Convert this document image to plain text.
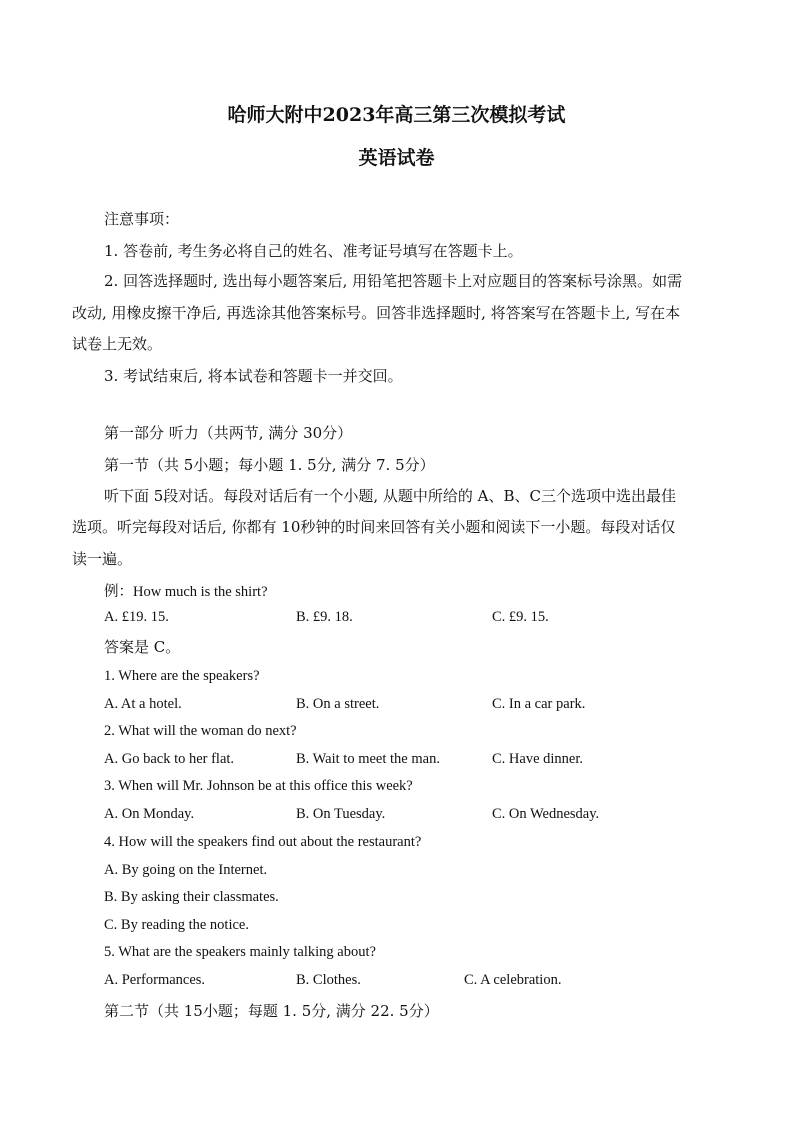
哈师大附中2023年高三第三次模拟考试
英语试卷
注意事项：
1. 答卷前, 考生务必将自己的姓名、准考证号填写在答题卡上。
2. 回答选择题时, 选出每小题答案后, 用铅笔把答题卡上对应题目的答案标号涂黑。如需
改动, 用橡皮擦干净后, 再选涂其他答案标号。回答非选择题时, 将答案写在答题卡上, 写在本
试卷上无效。
3. 考试结束后, 将本试卷和答题卡一并交回。
第一部分 听力（共两节, 满分 30分）
第一节（共 5小题；每小题 1. 5分, 满分 7. 5分）
听下面 5段对话。每段对话后有一个小题, 从题中所给的 A、B、C三个选项中选出最佳
选项。听完每段对话后, 你都有 10秒钟的时间来回答有关小题和阅读下一小题。每段对话仅
读一遍。
例：How much is the shirt?
A. £19. 15.	B. £9. 18.	C. £9. 15.
答案是 C。
1. Where are the speakers?
A. At a hotel.	B. On a street.	C. In a car park.
2. What will the woman do next?
A. Go back to her flat.	B. Wait to meet the man.	C. Have dinner.
3. When will Mr. Johnson be at this office this week?
A. On Monday.	B. On Tuesday.	C. On Wednesday.
4. How will the speakers find out about the restaurant?
A. By going on the Internet.
B. By asking their classmates.
C. By reading the notice.
5. What are the speakers mainly talking about?
A. Performances.	B. Clothes.	C. A celebration.
第二节（共 15小题；每题 1. 5分, 满分 22. 5分）
